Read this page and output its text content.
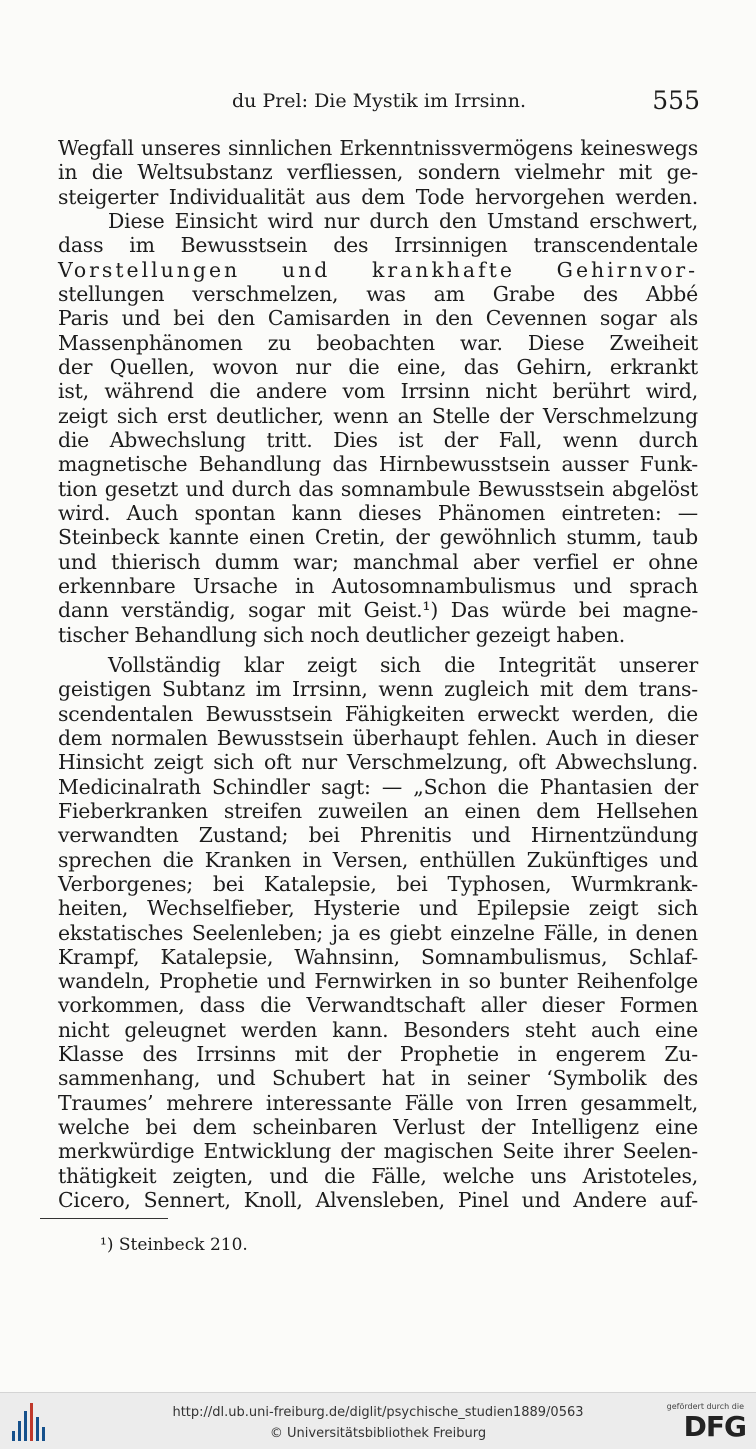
du Prel: Die Mystik im Irrsinn.	555
Wegfall unseres sinnlichen Erkenntnissvermögens keineswegs
in die Weltsubstanz verfliessen, sondern vielmehr mit ge-
steigerter Individualität aus dem Tode hervorgehen werden.
Diese Einsicht wird nur durch den Umstand erschwert,
dass im Bewusstsein des Irrsinnigen transcendentale
Vorstellungen und krankhafte Gehirnvor-
stellungen verschmelzen, was am Grabe des Abbé
Paris und bei den Camisarden in den Cevennen sogar als
Massenphänomen zu beobachten war. Diese Zweiheit
der Quellen, wovon nur die eine, das Gehirn, erkrankt
ist, während die andere vom Irrsinn nicht berührt wird,
zeigt sich erst deutlicher, wenn an Stelle der Verschmelzung
die Abwechslung tritt. Dies ist der Fall, wenn durch
magnetische Behandlung das Hirnbewusstsein ausser Funk-
tion gesetzt und durch das somnambule Bewusstsein abgelöst
wird. Auch spontan kann dieses Phänomen eintreten: —
Steinbeck kannte einen Cretin, der gewöhnlich stumm, taub
und thierisch dumm war; manchmal aber verfiel er ohne
erkennbare Ursache in Autosomnambulismus und sprach
dann verständig, sogar mit Geist.¹) Das würde bei magne-
tischer Behandlung sich noch deutlicher gezeigt haben.
Vollständig klar zeigt sich die Integrität unserer
geistigen Subtanz im Irrsinn, wenn zugleich mit dem trans-
scendentalen Bewusstsein Fähigkeiten erweckt werden, die
dem normalen Bewusstsein überhaupt fehlen. Auch in dieser
Hinsicht zeigt sich oft nur Verschmelzung, oft Abwechslung.
Medicinalrath Schindler sagt: — „Schon die Phantasien der
Fieberkranken streifen zuweilen an einen dem Hellsehen
verwandten Zustand; bei Phrenitis und Hirnentzündung
sprechen die Kranken in Versen, enthüllen Zukünftiges und
Verborgenes; bei Katalepsie, bei Typhosen, Wurmkrank-
heiten, Wechselfieber, Hysterie und Epilepsie zeigt sich
ekstatisches Seelenleben; ja es giebt einzelne Fälle, in denen
Krampf, Katalepsie, Wahnsinn, Somnambulismus, Schlaf-
wandeln, Prophetie und Fernwirken in so bunter Reihenfolge
vorkommen, dass die Verwandtschaft aller dieser Formen
nicht geleugnet werden kann. Besonders steht auch eine
Klasse des Irrsinns mit der Prophetie in engerem Zu-
sammenhang, und Schubert hat in seiner ‘Symbolik des
Traumes’ mehrere interessante Fälle von Irren gesammelt,
welche bei dem scheinbaren Verlust der Intelligenz eine
merkwürdige Entwicklung der magischen Seite ihrer Seelen-
thätigkeit zeigten, und die Fälle, welche uns Aristoteles,
Cicero, Sennert, Knoll, Alvensleben, Pinel und Andere auf-
¹) Steinbeck 210.
http://dl.ub.uni-freiburg.de/diglit/psychische_studien1889/0563
© Universitätsbibliothek Freiburg
gefördert durch die
DFG
